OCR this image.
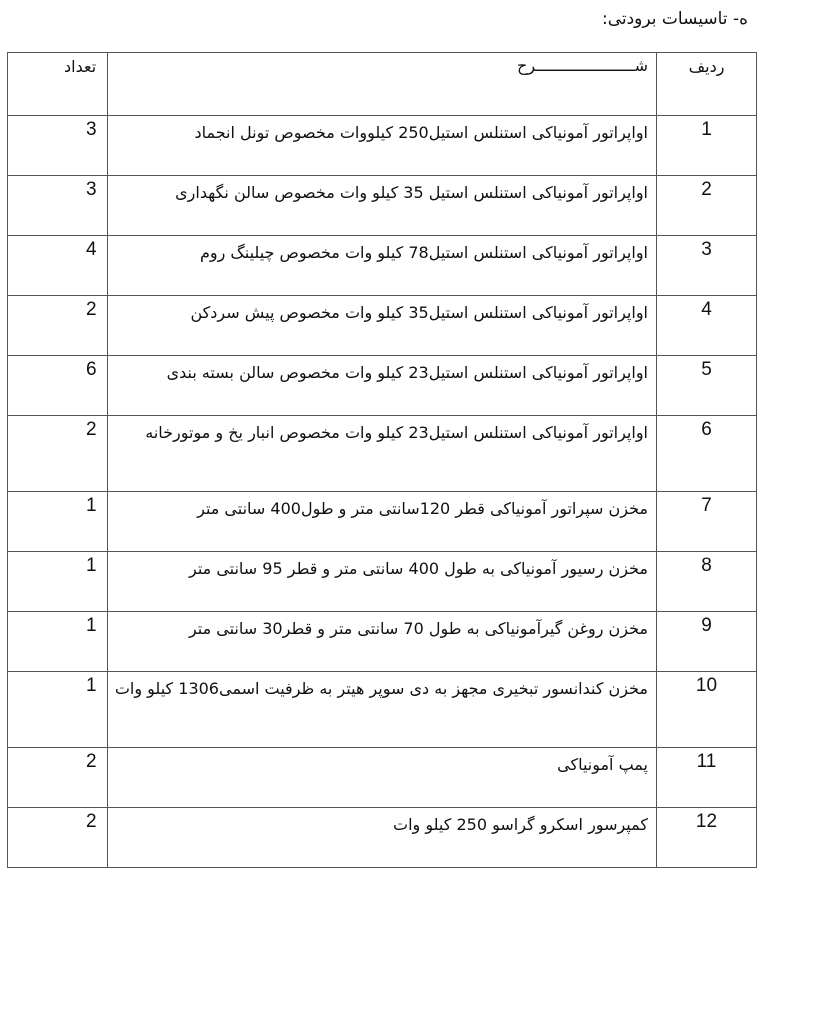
ه- تاسیسات برودتی:
ردیف	شـــــــــــــــــــــرح	تعداد
1	اواپراتور آمونیاکی استنلس استیل250 کیلووات مخصوص تونل انجماد	3
2	اواپراتور آمونیاکی استنلس استیل 35 کیلو وات مخصوص سالن نگهداری	3
3	اواپراتور آمونیاکی استنلس استیل78 کیلو وات مخصوص چیلینگ روم	4
4	اواپراتور آمونیاکی استنلس استیل35 کیلو وات مخصوص پیش سردکن	2
5	اواپراتور آمونیاکی استنلس استیل23 کیلو وات مخصوص سالن بسته بندی	6
6	اواپراتور آمونیاکی استنلس استیل23 کیلو وات مخصوص انبار یخ و موتورخانه	2
7	مخزن سپراتور آمونیاکی قطر 120سانتی متر و طول400 سانتی متر	1
8	مخزن رسیور آمونیاکی به طول 400 سانتی متر و قطر 95 سانتی متر	1
9	مخزن روغن گیرآمونیاکی به طول 70 سانتی متر و قطر30 سانتی متر	1
10	مخزن کندانسور تبخیری مجهز به دی سوپر هیتر به ظرفیت اسمی1306 کیلو وات	1
11	پمپ آمونیاکی	2
12	کمپرسور اسکرو گراسو 250 کیلو وات	2
